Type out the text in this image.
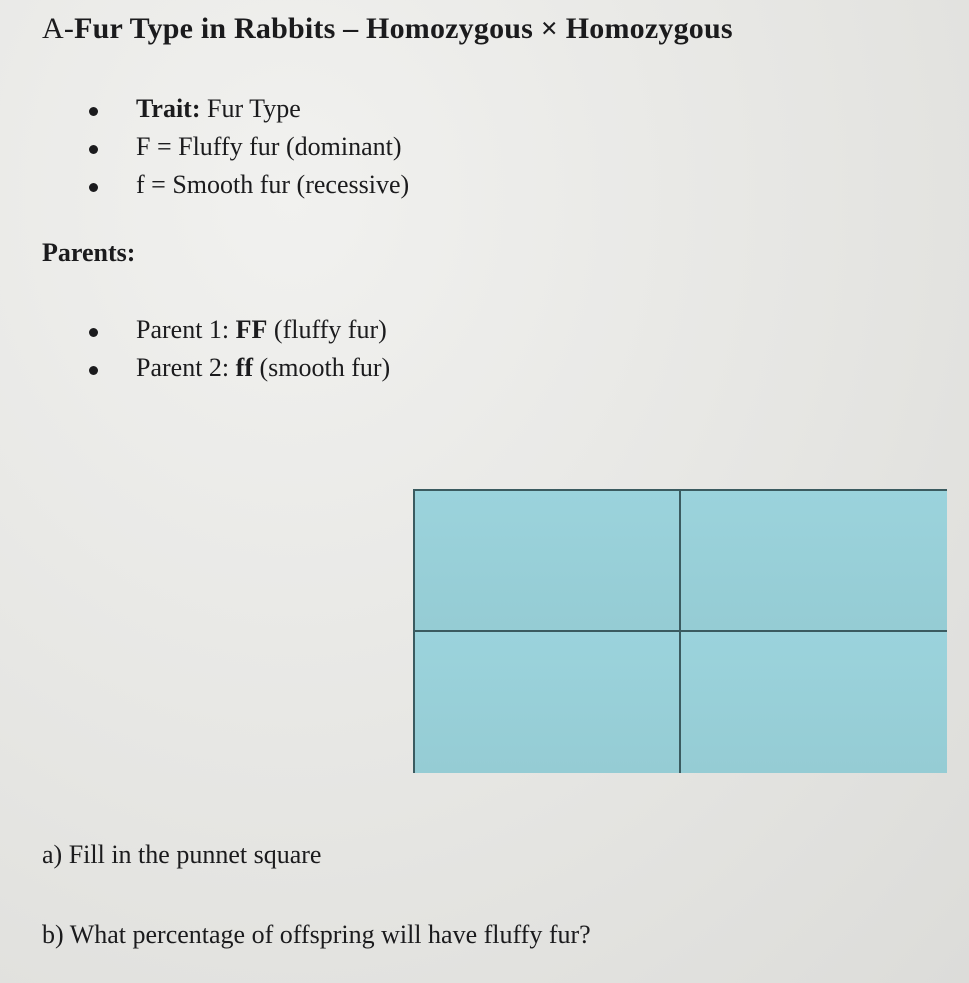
A-Fur Type in Rabbits – Homozygous × Homozygous
Trait: Fur Type
F = Fluffy fur (dominant)
f = Smooth fur (recessive)
Parents:
Parent 1: FF (fluffy fur)
Parent 2: ff (smooth fur)

a) Fill in the punnet square

b) What percentage of offspring will have fluffy fur?
